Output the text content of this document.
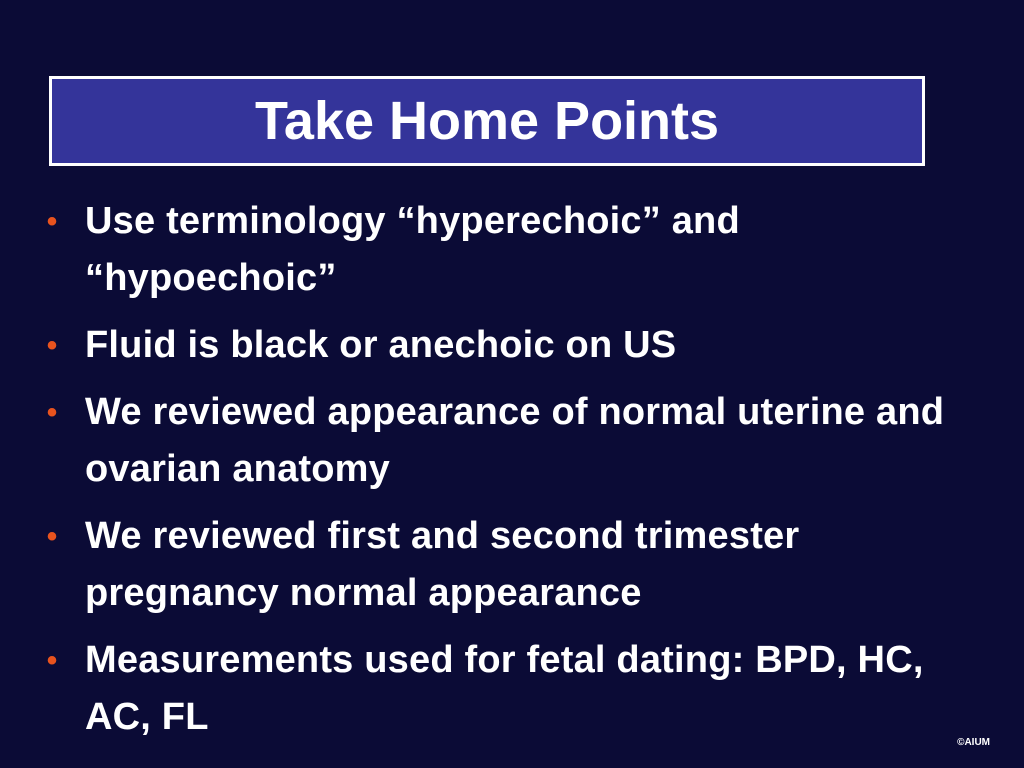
Take Home Points
• Use terminology “hyperechoic” and “hypoechoic”
• Fluid is black or anechoic on US
• We reviewed appearance of normal uterine and ovarian anatomy
• We reviewed first and second trimester pregnancy normal appearance
• Measurements used for fetal dating: BPD, HC, AC, FL
©AIUM
